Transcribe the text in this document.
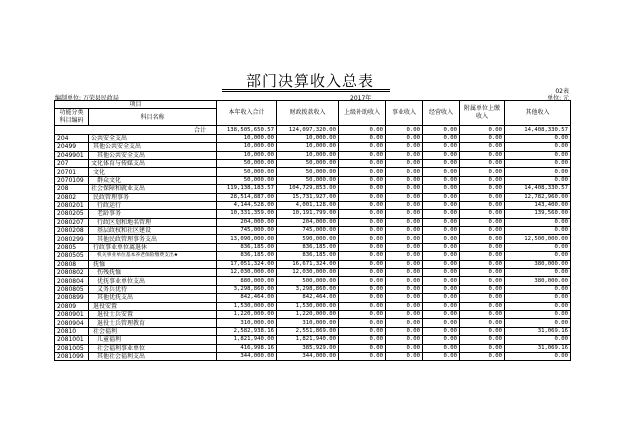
部门决算收入总表
02表
编制单位: 万荣县民政局	2017年	单位: 元
项目		本年收入合计	财政拨款收入	上级补助收入	事业收入	经营收入	附属单位上缴收入	其他收入
功能分类科目编码	科目名称							
合计		138,505,650.57	124,097,320.00	0.00	0.00	0.00	0.00	14,408,330.57
204	公共安全支出	10,000.00	10,000.00	0.00	0.00	0.00	0.00	0.00
20499	其他公共安全支出	10,000.00	10,000.00	0.00	0.00	0.00	0.00	0.00
2049901	其他公共安全支出	10,000.00	10,000.00	0.00	0.00	0.00	0.00	0.00
207	文化体育与传媒支出	50,000.00	50,000.00	0.00	0.00	0.00	0.00	0.00
20701	文化	50,000.00	50,000.00	0.00	0.00	0.00	0.00	0.00
2070109	群众文化	50,000.00	50,000.00	0.00	0.00	0.00	0.00	0.00
208	社会保障和就业支出	119,138,183.57	104,729,853.00	0.00	0.00	0.00	0.00	14,408,330.57
20802	民政管理事务	28,514,887.00	15,731,927.00	0.00	0.00	0.00	0.00	12,782,960.00
2080201	行政运行	4,144,528.00	4,001,128.00	0.00	0.00	0.00	0.00	143,400.00
2080205	老龄事务	10,331,359.00	10,191,799.00	0.00	0.00	0.00	0.00	139,560.00
2080207	行政区划和地名管理	204,000.00	204,000.00	0.00	0.00	0.00	0.00	0.00
2080208	基层政权和社区建设	745,000.00	745,000.00	0.00	0.00	0.00	0.00	0.00
2080299	其他民政管理事务支出	13,090,000.00	590,000.00	0.00	0.00	0.00	0.00	12,500,000.00
20805	行政事业单位离退休	836,185.00	836,185.00	0.00	0.00	0.00	0.00	0.00
2080505	机关事业单位基本养老保险缴费支出★	836,185.00	836,185.00	0.00	0.00	0.00	0.00	0.00
20808	抚恤	17,051,324.00	16,671,324.00	0.00	0.00	0.00	0.00	380,000.00
2080802	伤残抚恤	12,030,000.00	12,030,000.00	0.00	0.00	0.00	0.00	0.00
2080804	优抚事业单位支出	880,000.00	500,000.00	0.00	0.00	0.00	0.00	380,000.00
2080805	义务兵优待	3,298,860.00	3,298,860.00	0.00	0.00	0.00	0.00	0.00
2080899	其他优抚支出	842,464.00	842,464.00	0.00	0.00	0.00	0.00	0.00
20809	退役安置	1,530,000.00	1,530,000.00	0.00	0.00	0.00	0.00	0.00
2080901	退役士兵安置	1,220,000.00	1,220,000.00	0.00	0.00	0.00	0.00	0.00
2080904	退役士兵管理教育	310,000.00	310,000.00	0.00	0.00	0.00	0.00	0.00
20810	社会福利	2,582,938.16	2,551,869.00	0.00	0.00	0.00	0.00	31,069.16
2081001	儿童福利	1,821,940.00	1,821,940.00	0.00	0.00	0.00	0.00	0.00
2081005	社会福利事业单位	416,998.16	385,929.00	0.00	0.00	0.00	0.00	31,069.16
2081099	其他社会福利支出	344,000.00	344,000.00	0.00	0.00	0.00	0.00	0.00
